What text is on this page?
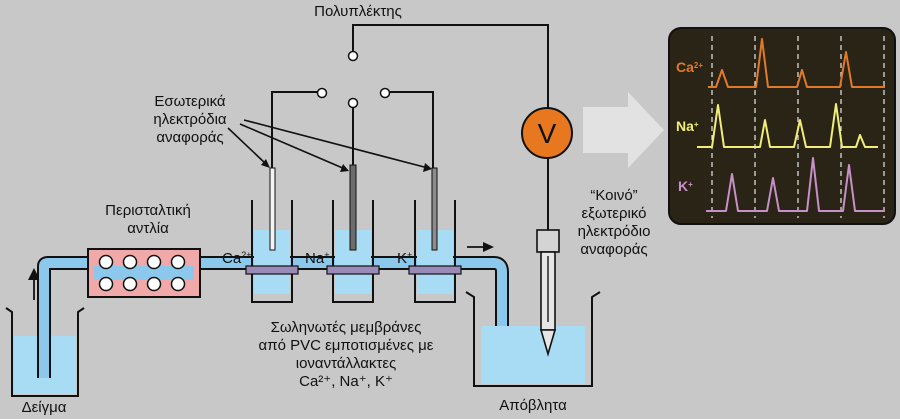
V
$Ca^{2+}$	Na+	K+
$Ca^{2+}$
Na+
K+
Πολυπλέκτης
Εσωτερικά
ηλεκτρόδια
αναφοράς
Περισταλτική
αντλία
“Κοινό”
εξωτερικό
ηλεκτρόδιο
αναφοράς
Σωληνωτές μεμβράνες
από PVC εμποτισμένες με
ιοναντάλλακτες
Ca²⁺, Na⁺, K⁺
Δείγμα	Απόβλητα
